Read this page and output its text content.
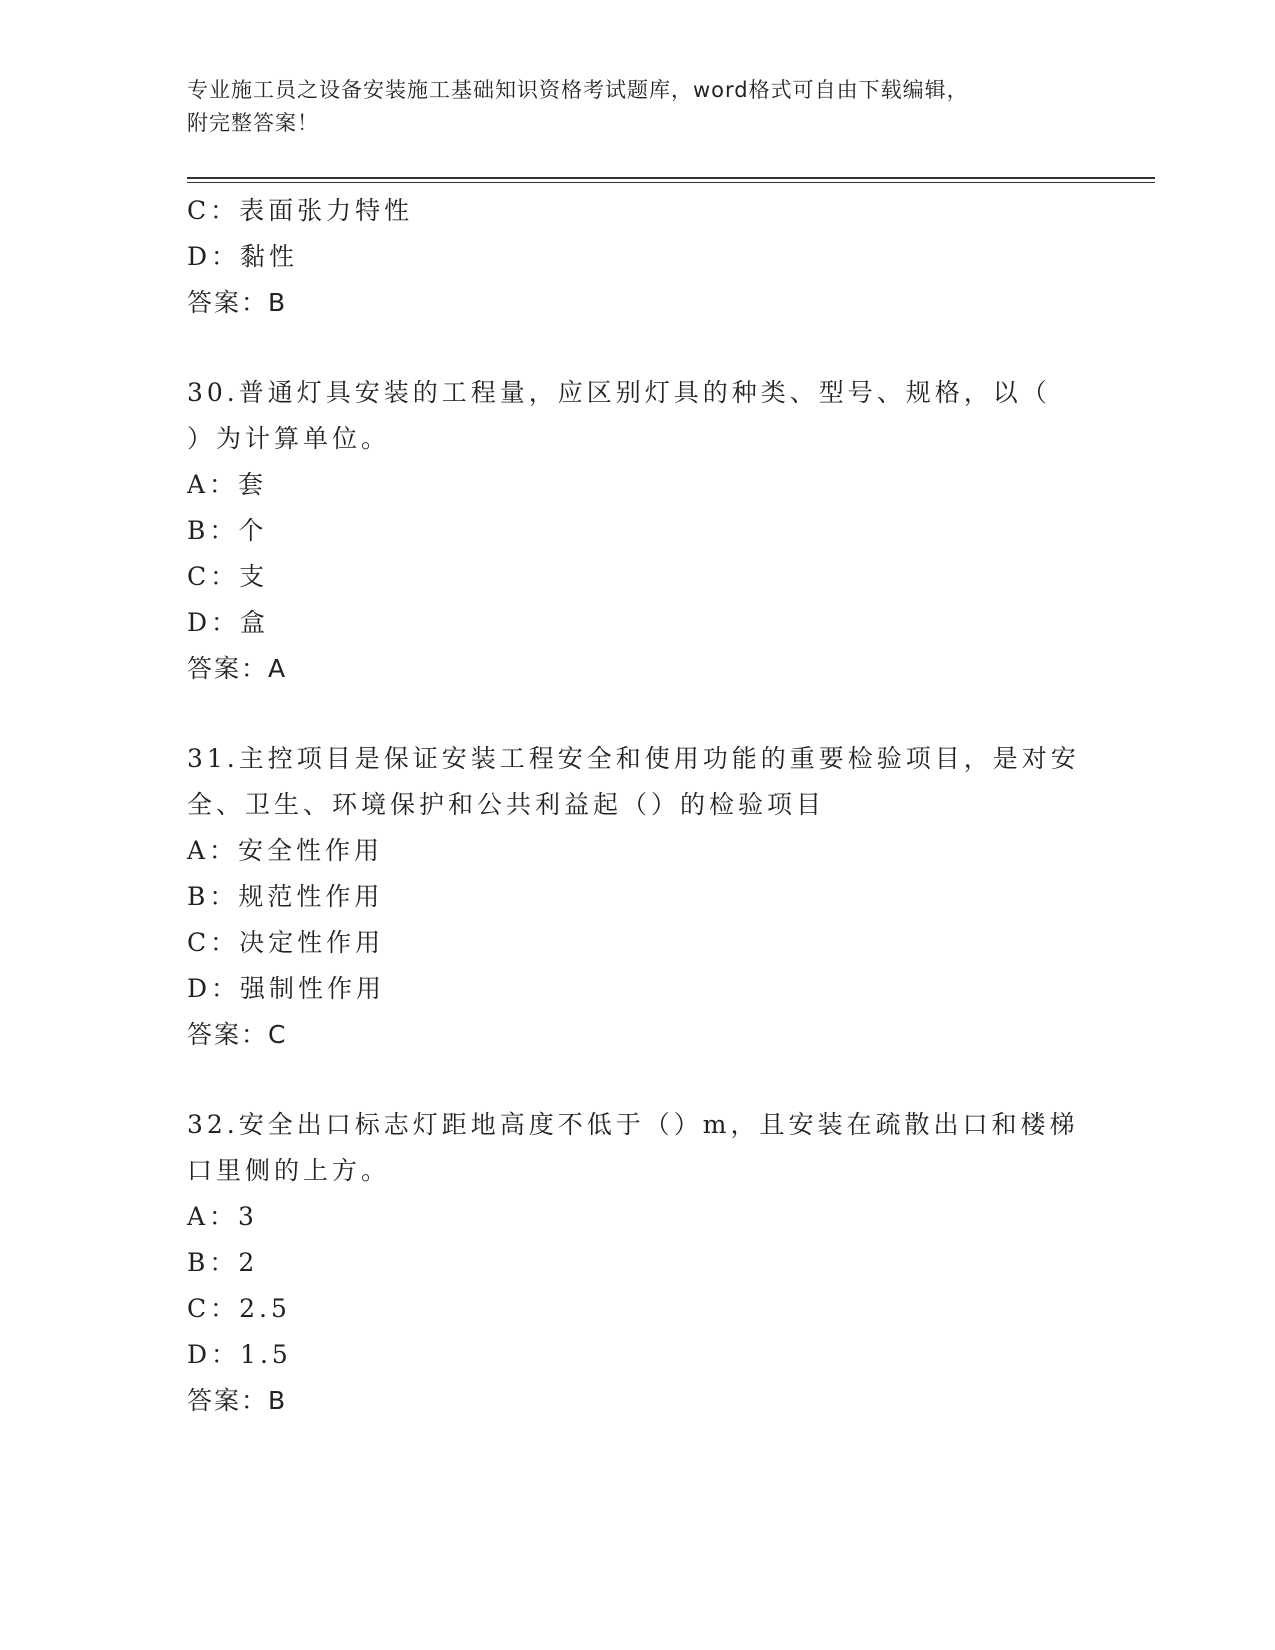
专业施工员之设备安装施工基础知识资格考试题库，word格式可自由下载编辑，
附完整答案！
C：表面张力特性
D：黏性
答案：B
30.普通灯具安装的工程量，应区别灯具的种类、型号、规格，以（
）为计算单位。
A：套
B：个
C：支
D：盒
答案：A
31.主控项目是保证安装工程安全和使用功能的重要检验项目，是对安
全、卫生、环境保护和公共利益起（）的检验项目
A：安全性作用
B：规范性作用
C：决定性作用
D：强制性作用
答案：C
32.安全出口标志灯距地高度不低于（）m，且安装在疏散出口和楼梯
口里侧的上方。
A：3
B：2
C：2.5
D：1.5
答案：B
